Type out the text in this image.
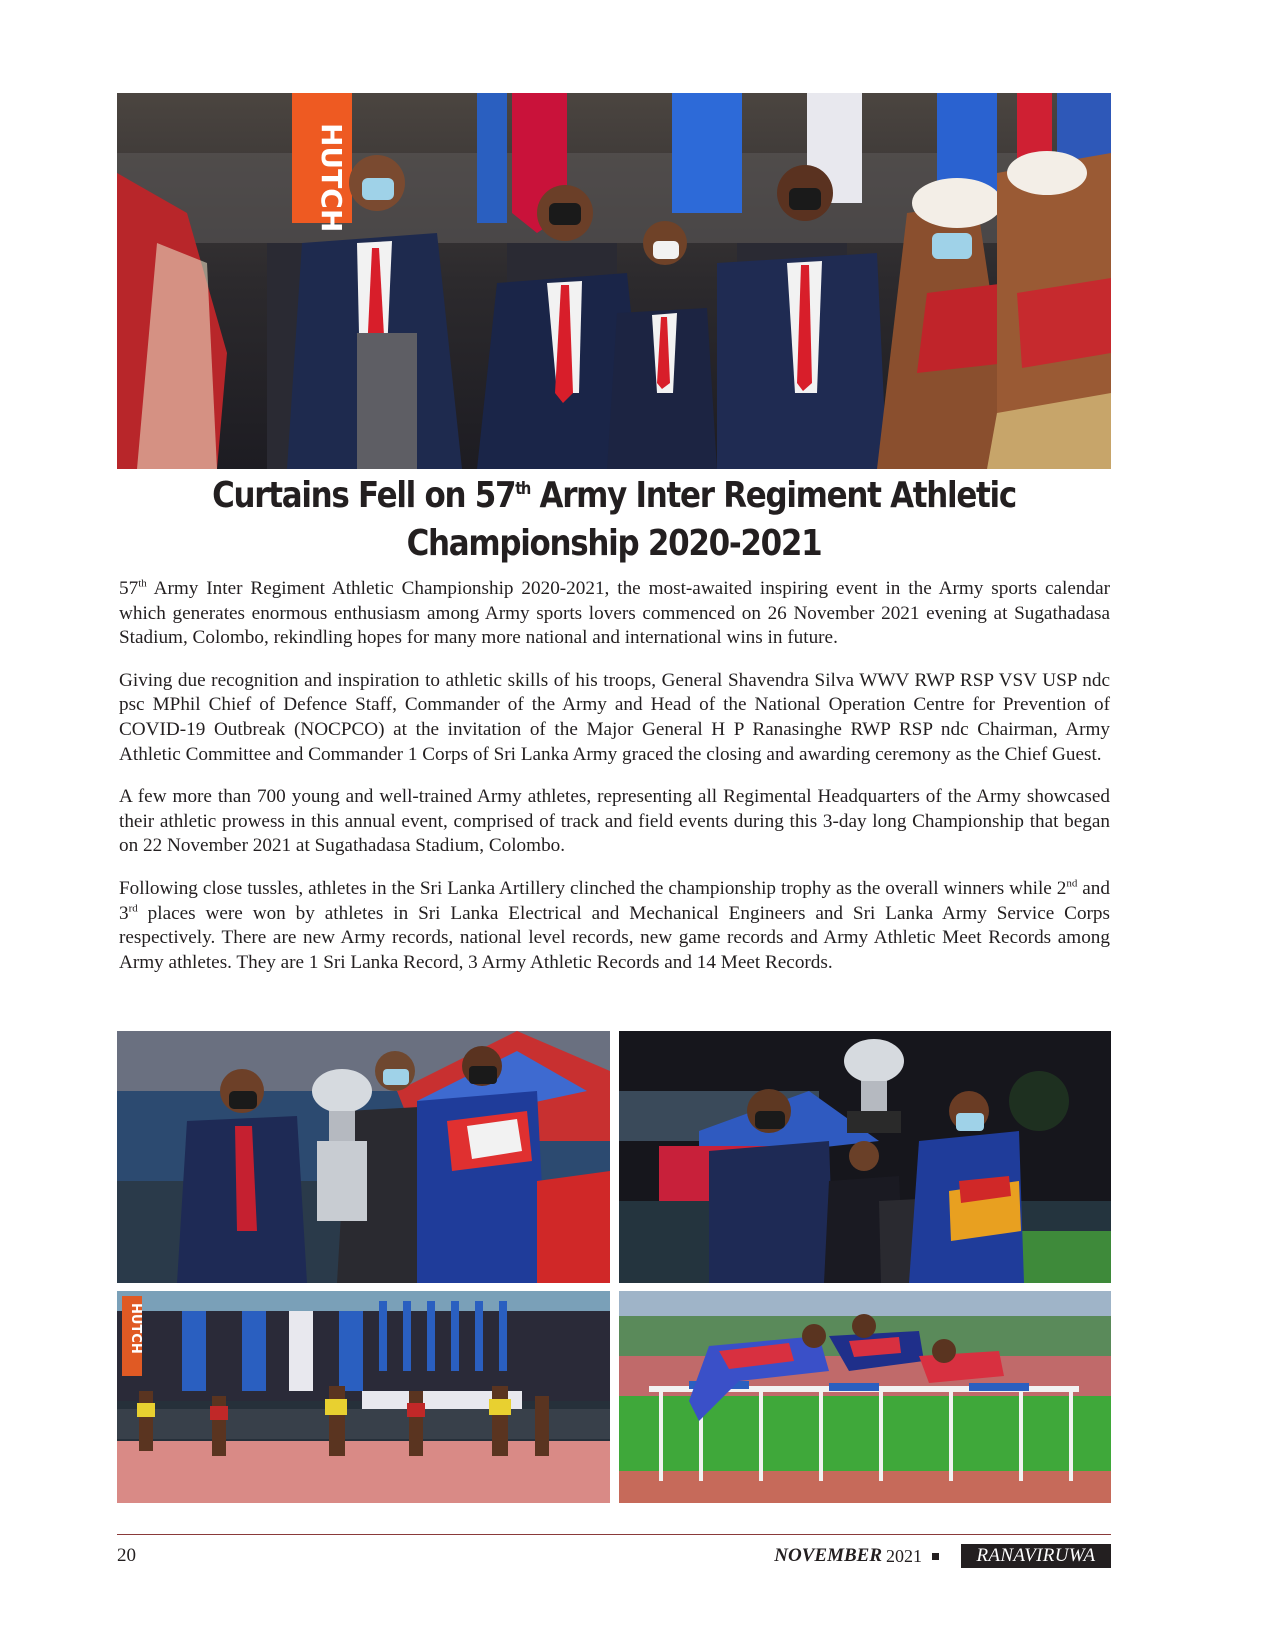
HUTCH
Curtains Fell on 57th Army Inter Regiment Athletic
Championship 2020-2021

57th Army Inter Regiment Athletic Championship 2020-2021, the most-awaited inspiring event in the Army sports calendar which generates enormous enthusiasm among Army sports lovers commenced on 26 November 2021 evening at Sugathadasa Stadium, Colombo, rekindling hopes for many more national and international wins in future.

Giving due recognition and inspiration to athletic skills of his troops, General Shavendra Silva WWV RWP RSP VSV USP ndc psc MPhil Chief of Defence Staff, Commander of the Army and Head of the National Operation Centre for Prevention of COVID-19 Outbreak (NOCPCO) at the invitation of the Major General H P Ranasinghe RWP RSP ndc Chairman, Army Athletic Committee and Commander 1 Corps of Sri Lanka Army graced the closing and awarding ceremony as the Chief Guest.

A few more than 700 young and well-trained Army athletes, representing all Regimental Headquarters of the Army showcased their athletic prowess in this annual event, comprised of track and field events during this 3-day long Championship that began on 22 November 2021 at Sugathadasa Stadium, Colombo.

Following close tussles, athletes in the Sri Lanka Artillery clinched the championship trophy as the overall winners while 2nd and 3rd places were won by athletes in Sri Lanka Electrical and Mechanical Engineers and Sri Lanka Army Service Corps respectively. There are new Army records, national level records, new game records and Army Athletic Meet Records among Army athletes. They are 1 Sri Lanka Record, 3 Army Athletic Records and 14 Meet Records.

HUTCH
20	NOVEMBER 2021	RANAVIRUWA
